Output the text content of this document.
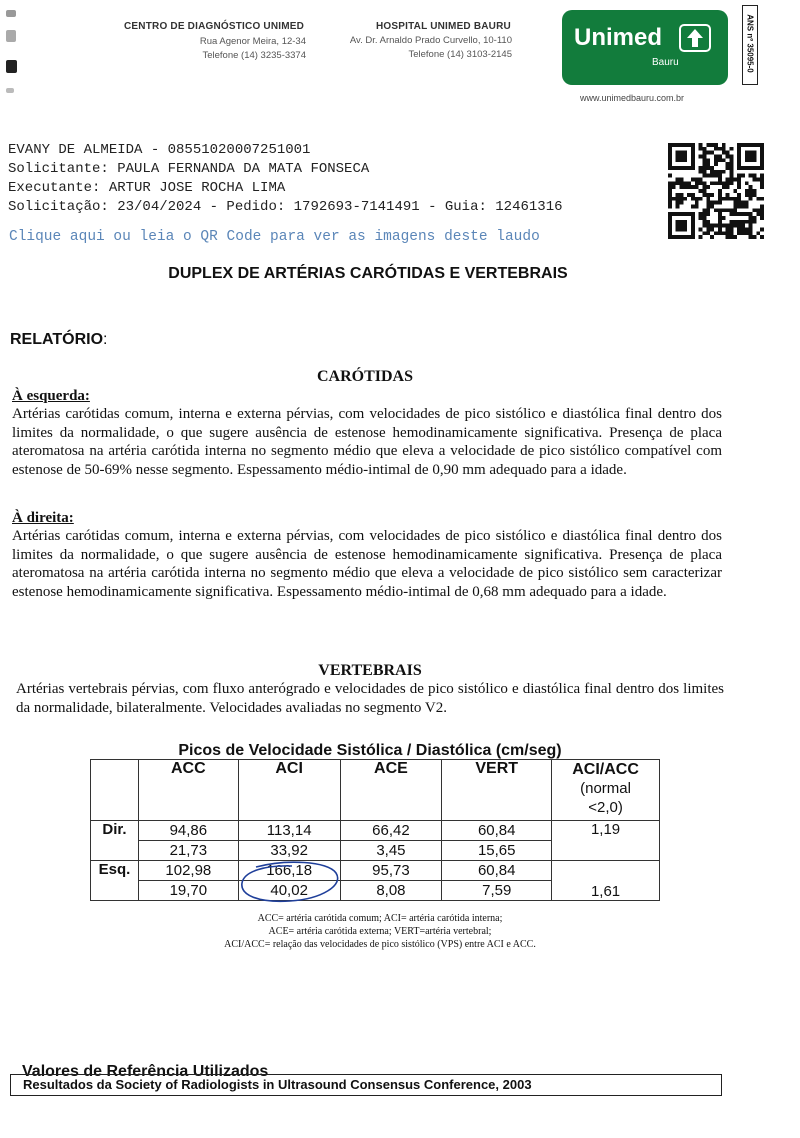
CENTRO DE DIAGNÓSTICO UNIMED
Rua Agenor Meira, 12-34
Telefone (14) 3235-3374
HOSPITAL UNIMED BAURU
Av. Dr. Arnaldo Prado Curvello, 10-110
Telefone (14) 3103-2145
Unimed
Bauru
www.unimedbauru.com.br
ANS nº 35095-0
EVANY DE ALMEIDA - 08551020007251001
Solicitante: PAULA FERNANDA DA MATA FONSECA
Executante: ARTUR JOSE ROCHA LIMA
Solicitação: 23/04/2024 - Pedido: 1792693-7141491 - Guia: 12461316
Clique aqui ou leia o QR Code para ver as imagens deste laudo
DUPLEX DE ARTÉRIAS CARÓTIDAS E VERTEBRAIS
RELATÓRIO:
CARÓTIDAS
À esquerda:
Artérias carótidas comum, interna e externa pérvias, com velocidades de pico sistólico e diastólica final dentro dos limites da normalidade, o que sugere ausência de estenose hemodinamicamente significativa. Presença de placa ateromatosa na artéria carótida interna no segmento médio que eleva a velocidade de pico sistólico compatível com estenose de 50-69% nesse segmento. Espessamento médio-intimal de 0,90 mm adequado para a idade.
À direita:
Artérias carótidas comum, interna e externa pérvias, com velocidades de pico sistólico e diastólica final dentro dos limites da normalidade, o que sugere ausência de estenose hemodinamicamente significativa. Presença de placa ateromatosa na artéria carótida interna no segmento médio que eleva a velocidade de pico sistólico sem caracterizar estenose hemodinamicamente significativa. Espessamento médio-intimal de 0,68 mm adequado para a idade.
VERTEBRAIS
Artérias vertebrais pérvias, com fluxo anterógrado e velocidades de pico sistólico e diastólica final dentro dos limites da normalidade, bilateralmente. Velocidades avaliadas no segmento V2.
Picos de Velocidade Sistólica / Diastólica (cm/seg)
	ACC	ACI	ACE	VERT	ACI/ACC
(normal
<2,0)
Dir.	94,86	113,14	66,42	60,84	1,19
	21,73	33,92	3,45	15,65	
Esq.	102,98	166,18	95,73	60,84	1,61
	19,70	40,02	8,08	7,59	
ACC= artéria carótida comum; ACI= artéria carótida interna;
ACE= artéria carótida externa; VERT=artéria vertebral;
ACI/ACC= relação das velocidades de pico sistólico (VPS) entre ACI e ACC.
Valores de Referência Utilizados
Resultados da Society of Radiologists in Ultrasound Consensus Conference, 2003
